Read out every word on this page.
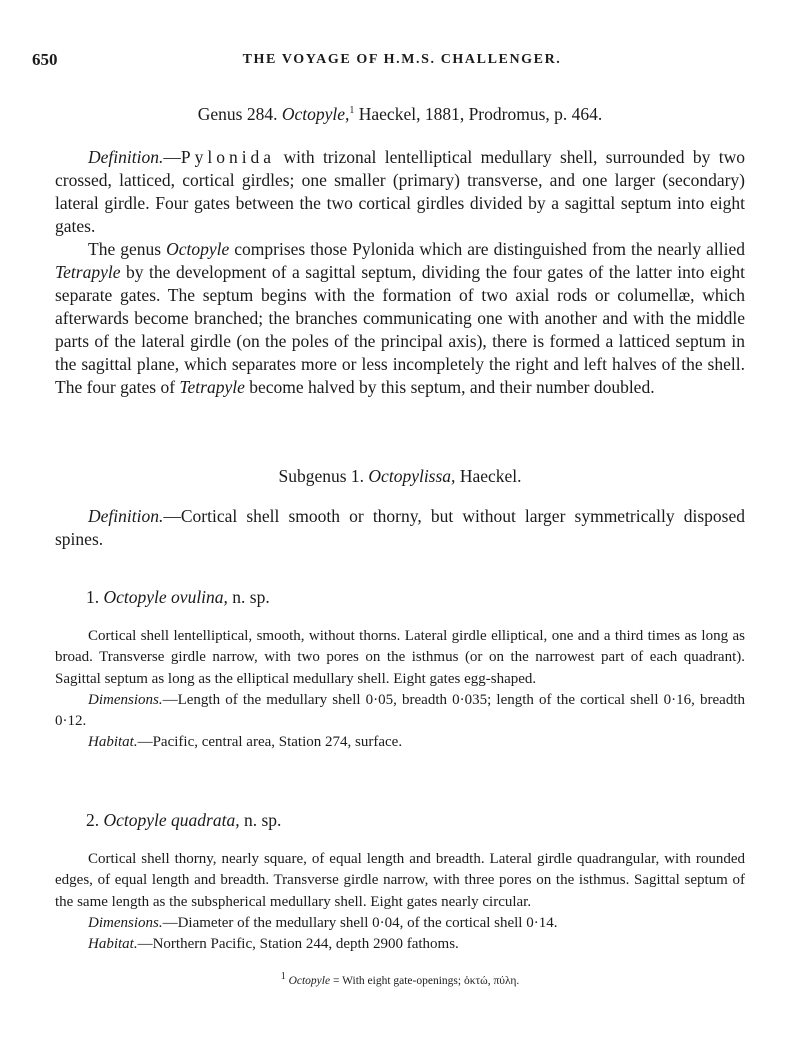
650	THE VOYAGE OF H.M.S. CHALLENGER.
Genus 284. Octopyle,$^1$ Haeckel, 1881, Prodromus, p. 464.

Definition.—Pylonida with trizonal lentelliptical medullary shell, surrounded by two crossed, latticed, cortical girdles; one smaller (primary) transverse, and one larger (secondary) lateral girdle. Four gates between the two cortical girdles divided by a sagittal septum into eight gates.

The genus Octopyle comprises those Pylonida which are distinguished from the nearly allied Tetrapyle by the development of a sagittal septum, dividing the four gates of the latter into eight separate gates. The septum begins with the formation of two axial rods or columellæ, which afterwards become branched; the branches communicating one with another and with the middle parts of the lateral girdle (on the poles of the principal axis), there is formed a latticed septum in the sagittal plane, which separates more or less incompletely the right and left halves of the shell. The four gates of Tetrapyle become halved by this septum, and their number doubled.

Subgenus 1. Octopylissa, Haeckel.

Definition.—Cortical shell smooth or thorny, but without larger symmetrically disposed spines.

1. Octopyle ovulina, n. sp.

Cortical shell lentelliptical, smooth, without thorns. Lateral girdle elliptical, one and a third times as long as broad. Transverse girdle narrow, with two pores on the isthmus (or on the narrowest part of each quadrant). Sagittal septum as long as the elliptical medullary shell. Eight gates egg-shaped.

Dimensions.—Length of the medullary shell 0·05, breadth 0·035; length of the cortical shell 0·16, breadth 0·12.

Habitat.—Pacific, central area, Station 274, surface.

2. Octopyle quadrata, n. sp.

Cortical shell thorny, nearly square, of equal length and breadth. Lateral girdle quadrangular, with rounded edges, of equal length and breadth. Transverse girdle narrow, with three pores on the isthmus. Sagittal septum of the same length as the subspherical medullary shell. Eight gates nearly circular.

Dimensions.—Diameter of the medullary shell 0·04, of the cortical shell 0·14.

Habitat.—Northern Pacific, Station 244, depth 2900 fathoms.

$^1$ Octopyle = With eight gate-openings; ὀκτώ, πύλη.
